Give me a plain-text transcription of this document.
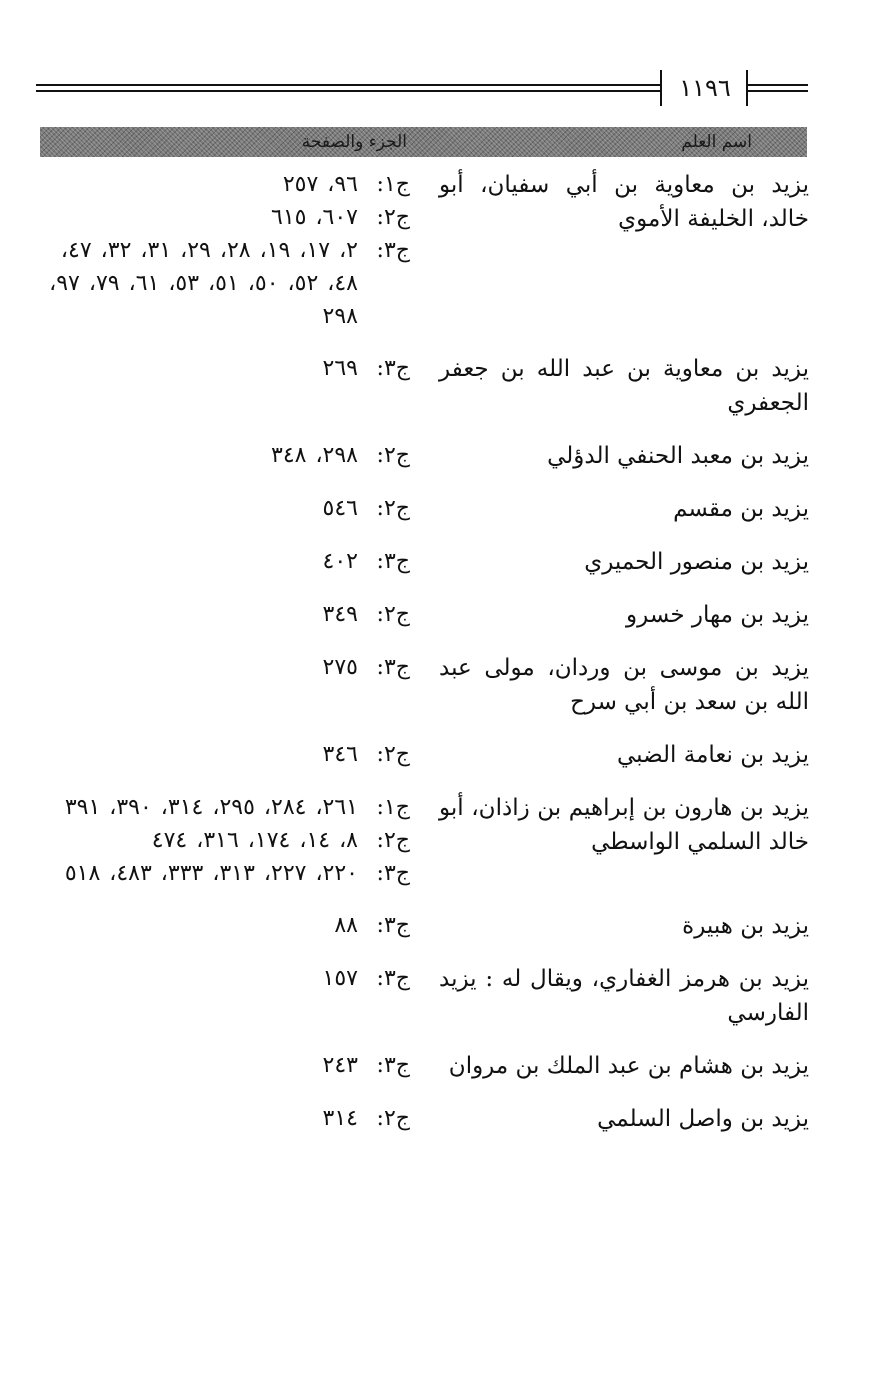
١١٩٦
اسم العلم
الجزء والصفحة
يزيد بن معاوية بن أبي سفيان، أبو خالد، الخليفة الأموي
ج١:
٩٦، ٢٥٧
ج٢:
٦٠٧، ٦١٥
ج٣:
٢، ١٧، ١٩، ٢٨، ٢٩، ٣١، ٣٢، ٤٧، ٤٨، ٥٢، ٥٠، ٥١، ٥٣، ٦١، ٧٩، ٩٧، ٢٩٨
يزيد بن معاوية بن عبد الله بن جعفر الجعفري
ج٣:
٢٦٩
يزيد بن معبد الحنفي الدؤلي
ج٢:
٢٩٨، ٣٤٨
يزيد بن مقسم
ج٢:
٥٤٦
يزيد بن منصور الحميري
ج٣:
٤٠٢
يزيد بن مهار خسرو
ج٢:
٣٤٩
يزيد بن موسى بن وردان، مولى عبد الله بن سعد بن أبي سرح
ج٣:
٢٧٥
يزيد بن نعامة الضبي
ج٢:
٣٤٦
يزيد بن هارون بن إبراهيم بن زاذان، أبو خالد السلمي الواسطي
ج١:
٢٦١، ٢٨٤، ٢٩٥، ٣١٤، ٣٩٠، ٣٩١
ج٢:
٨، ١٤، ١٧٤، ٣١٦، ٤٧٤
ج٣:
٢٢٠، ٢٢٧، ٣١٣، ٣٣٣، ٤٨٣، ٥١٨
يزيد بن هبيرة
ج٣:
٨٨
يزيد بن هرمز الغفاري، ويقال له : يزيد الفارسي
ج٣:
١٥٧
يزيد بن هشام بن عبد الملك بن مروان
ج٣:
٢٤٣
يزيد بن واصل السلمي
ج٢:
٣١٤
